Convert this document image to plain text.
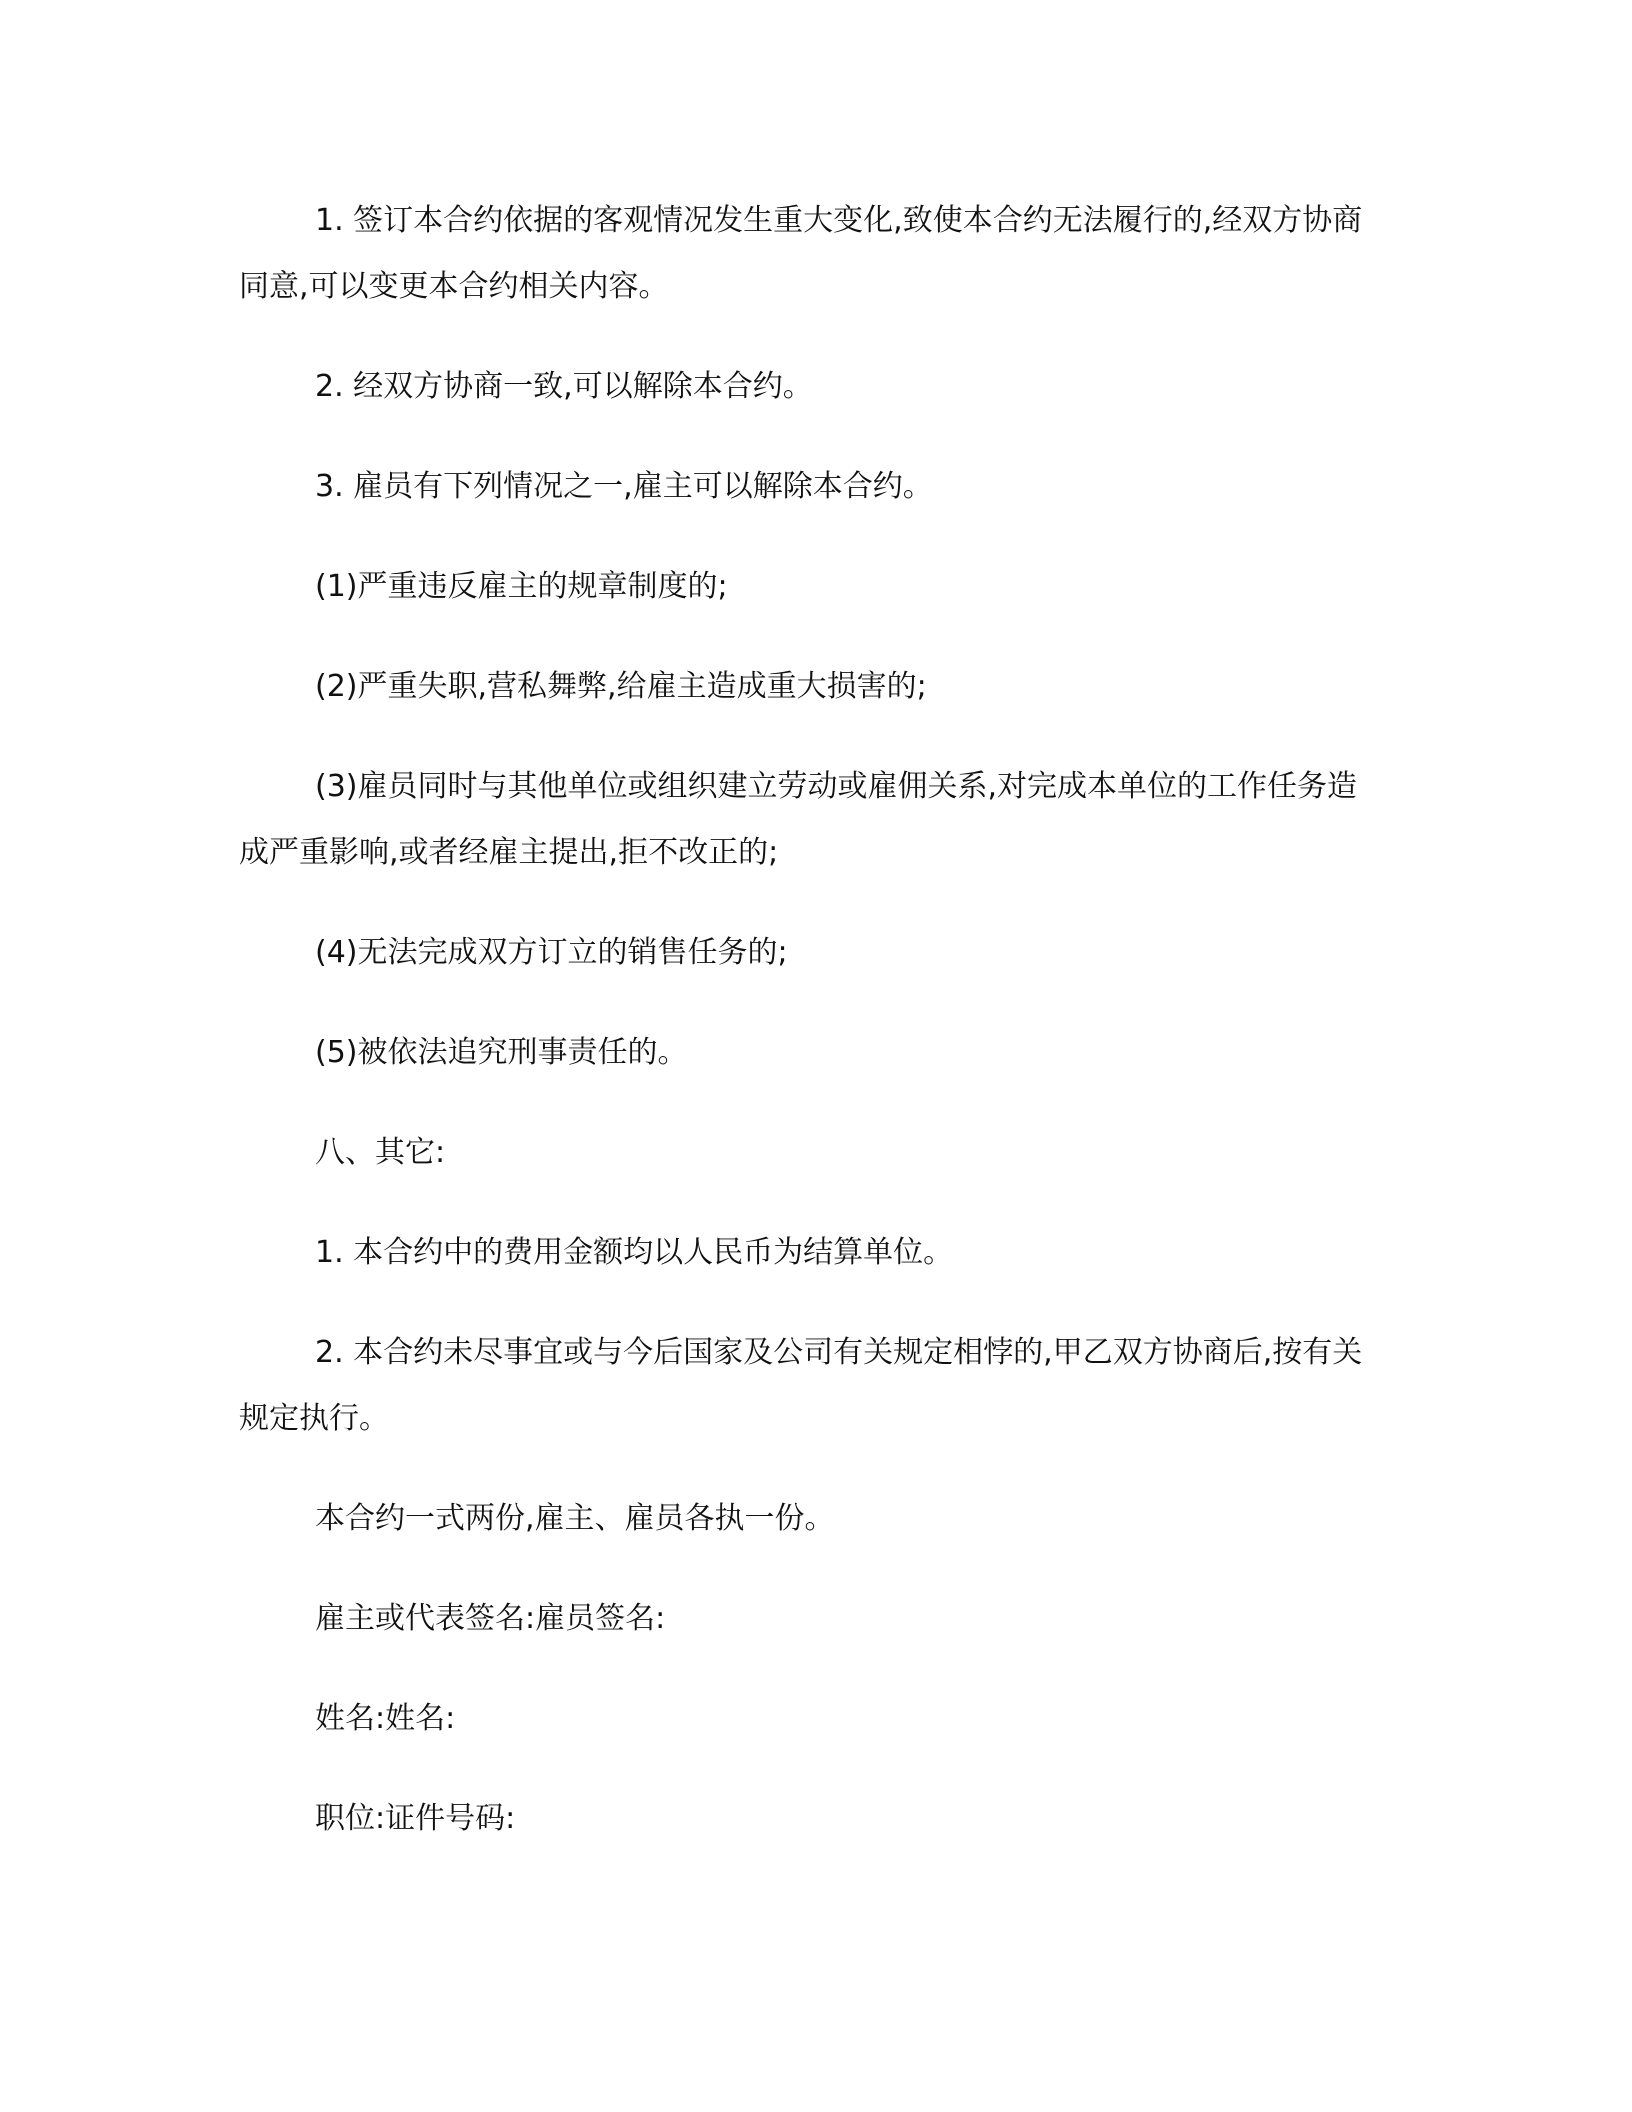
1. 签订本合约依据的客观情况发生重大变化,致使本合约无法履行的,经双方协商同意,可以变更本合约相关内容。

2. 经双方协商一致,可以解除本合约。

3. 雇员有下列情况之一,雇主可以解除本合约。

(1)严重违反雇主的规章制度的;

(2)严重失职,营私舞弊,给雇主造成重大损害的;

(3)雇员同时与其他单位或组织建立劳动或雇佣关系,对完成本单位的工作任务造成严重影响,或者经雇主提出,拒不改正的;

(4)无法完成双方订立的销售任务的;

(5)被依法追究刑事责任的。

八、其它:

1. 本合约中的费用金额均以人民币为结算单位。

2. 本合约未尽事宜或与今后国家及公司有关规定相悖的,甲乙双方协商后,按有关规定执行。

本合约一式两份,雇主、雇员各执一份。

雇主或代表签名:雇员签名:

姓名:姓名:

职位:证件号码:
